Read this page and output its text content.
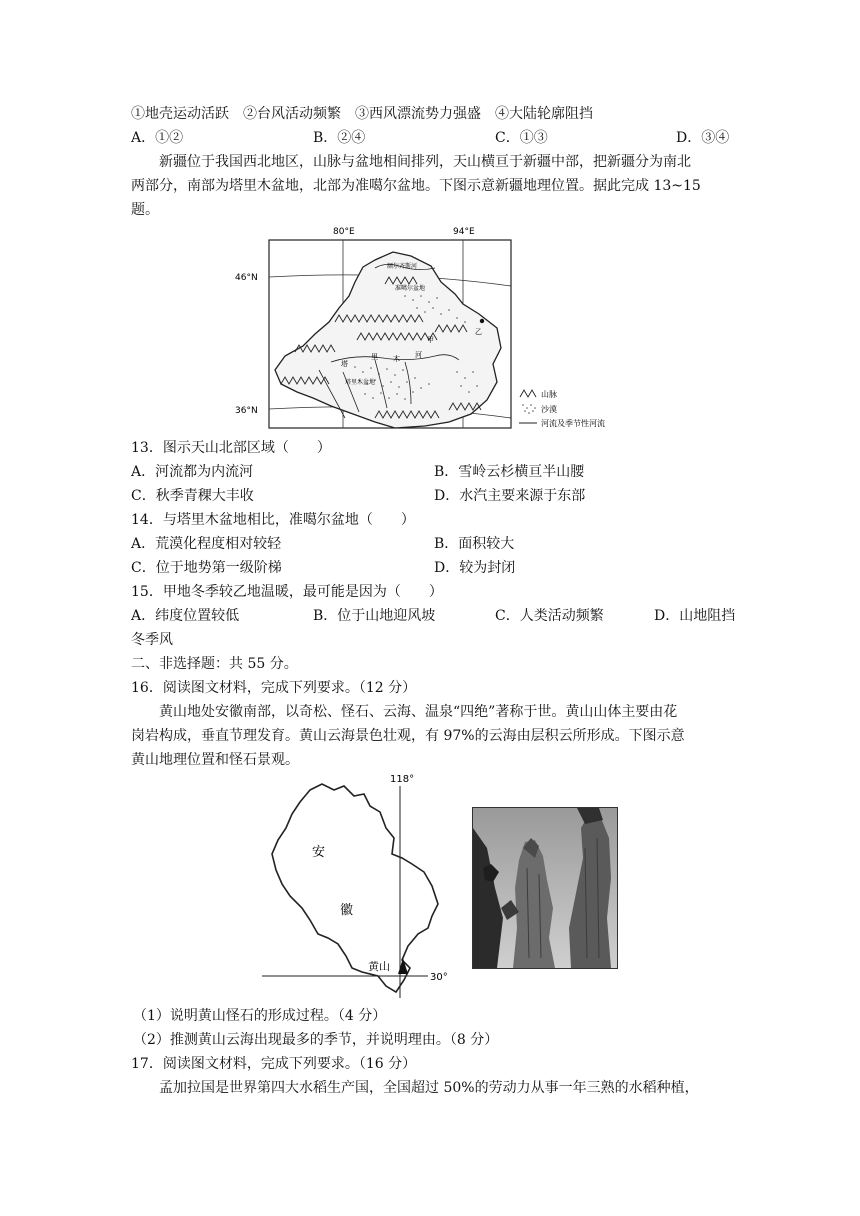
①地壳运动活跃　②台风活动频繁　③西风漂流势力强盛　④大陆轮廓阻挡
A．①②	B．②④	C．①③	D．③④
新疆位于我国西北地区，山脉与盆地相间排列，天山横亘于新疆中部，把新疆分为南北
两部分，南部为塔里木盆地，北部为准噶尔盆地。下图示意新疆地理位置。据此完成 13~15
题。
80°E	94°E
46°N
36°N
额尔齐斯河
准噶尔盆地
甲
乙
塔
里 木 河
塔里木盆地
山脉
沙漠
河流及季节性河流
13．图示天山北部区域（　　）
A．河流都为内流河	B．雪岭云杉横亘半山腰
C．秋季青稞大丰收	D．水汽主要来源于东部
14．与塔里木盆地相比，准噶尔盆地（　　）
A．荒漠化程度相对较轻	B．面积较大
C．位于地势第一级阶梯	D．较为封闭
15．甲地冬季较乙地温暖，最可能是因为（　　）
A．纬度位置较低	B．位于山地迎风坡	C．人类活动频繁	D．山地阻挡
冬季风
二、非选择题：共 55 分。
16．阅读图文材料，完成下列要求。（12 分）
黄山地处安徽南部，以奇松、怪石、云海、温泉“四绝”著称于世。黄山山体主要由花
岗岩构成，垂直节理发育。黄山云海景色壮观，有 97%的云海由层积云所形成。下图示意
黄山地理位置和怪石景观。
118°
30°
安
徽
黄山
（1）说明黄山怪石的形成过程。（4 分）
（2）推测黄山云海出现最多的季节，并说明理由。（8 分）
17．阅读图文材料，完成下列要求。（16 分）
孟加拉国是世界第四大水稻生产国，全国超过 50%的劳动力从事一年三熟的水稻种植，
